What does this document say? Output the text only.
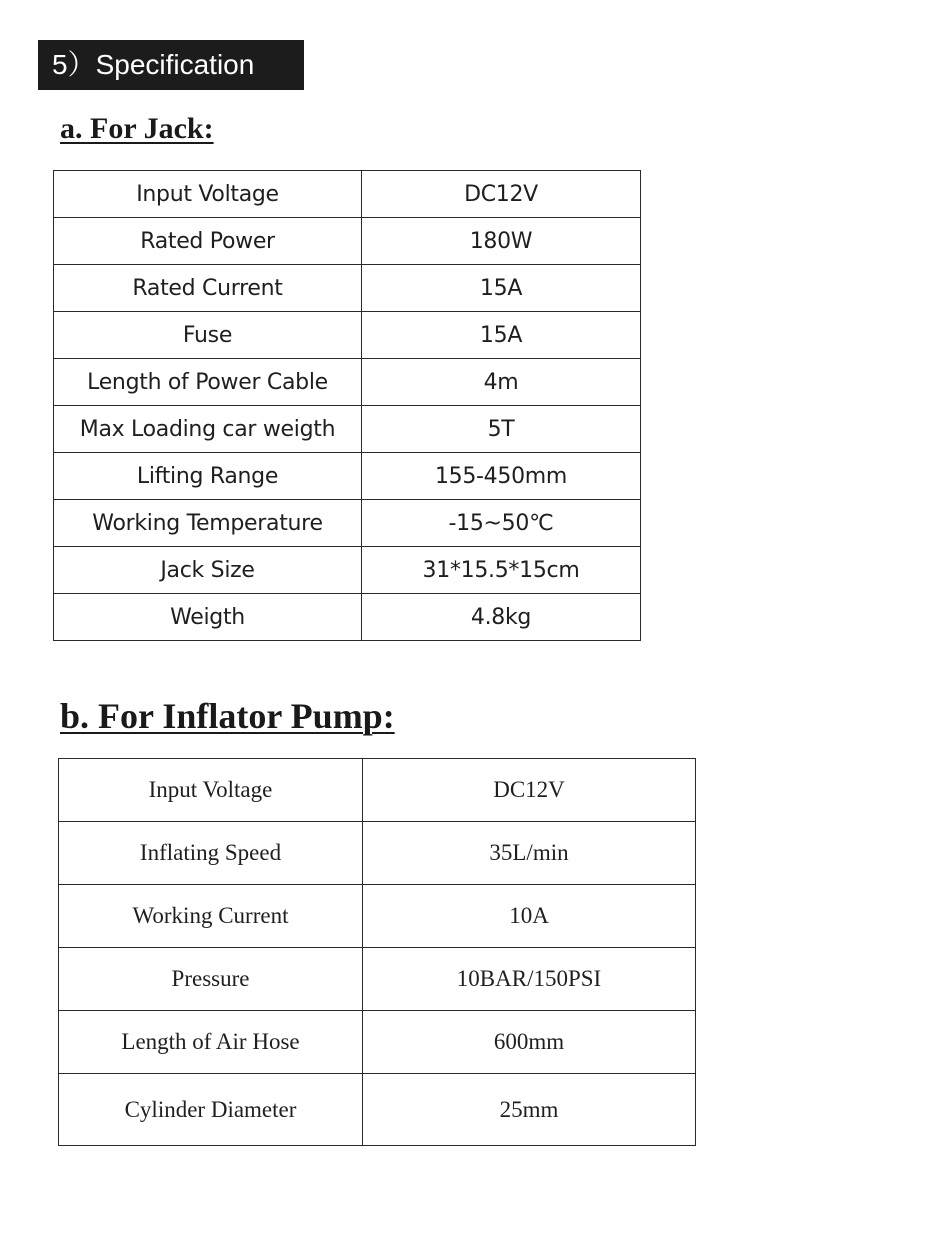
5）Specification
a. For Jack:
Input Voltage	DC12V
Rated Power	180W
Rated Current	15A
Fuse	15A
Length of Power Cable	4m
Max Loading car weigth	5T
Lifting Range	155-450mm
Working Temperature	-15~50℃
Jack Size	31*15.5*15cm
Weigth	4.8kg
b. For Inflator Pump:
Input Voltage	DC12V
Inflating Speed	35L/min
Working Current	10A
Pressure	10BAR/150PSI
Length of Air Hose	600mm
Cylinder Diameter	25mm
